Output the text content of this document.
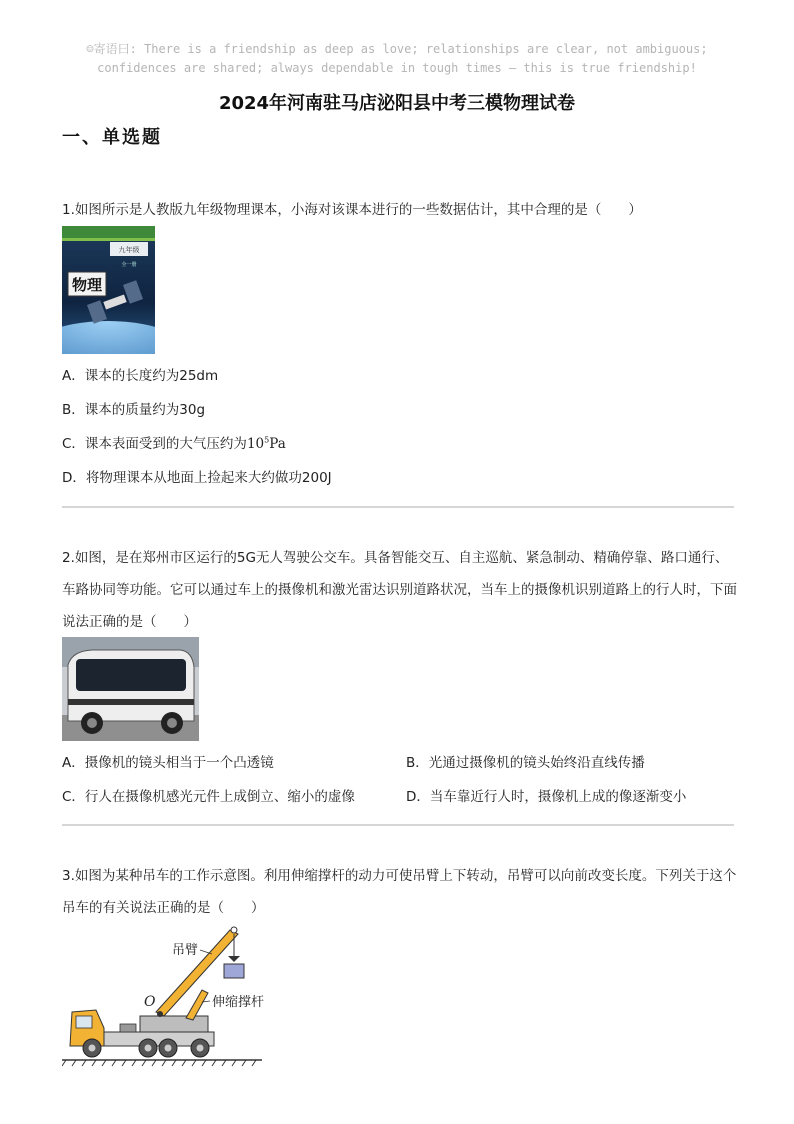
☺寄语曰: There is a friendship as deep as love; relationships are clear, not ambiguous;
confidences are shared; always dependable in tough times — this is true friendship!
2024年河南驻马店泌阳县中考三模物理试卷
一、单选题
1.如图所示是人教版九年级物理课本，小海对该课本进行的一些数据估计，其中合理的是（　　）
九年级
全一册
物理
A．课本的长度约为25dm
B．课本的质量约为30g
C．课本表面受到的大气压约为$10^5Pa$
D．将物理课本从地面上捡起来大约做功200J
2.如图，是在郑州市区运行的5G无人驾驶公交车。具备智能交互、自主巡航、紧急制动、精确停靠、路口通行、车路协同等功能。它可以通过车上的摄像机和激光雷达识别道路状况，当车上的摄像机识别道路上的行人时，下面说法正确的是（　　）
A．摄像机的镜头相当于一个凸透镜	B．光通过摄像机的镜头始终沿直线传播
C．行人在摄像机感光元件上成倒立、缩小的虚像	D．当车靠近行人时，摄像机上成的像逐渐变小
3.如图为某种吊车的工作示意图。利用伸缩撑杆的动力可使吊臂上下转动，吊臂可以向前改变长度。下列关于这个吊车的有关说法正确的是（　　）
吊臂
O	伸缩撑杆
